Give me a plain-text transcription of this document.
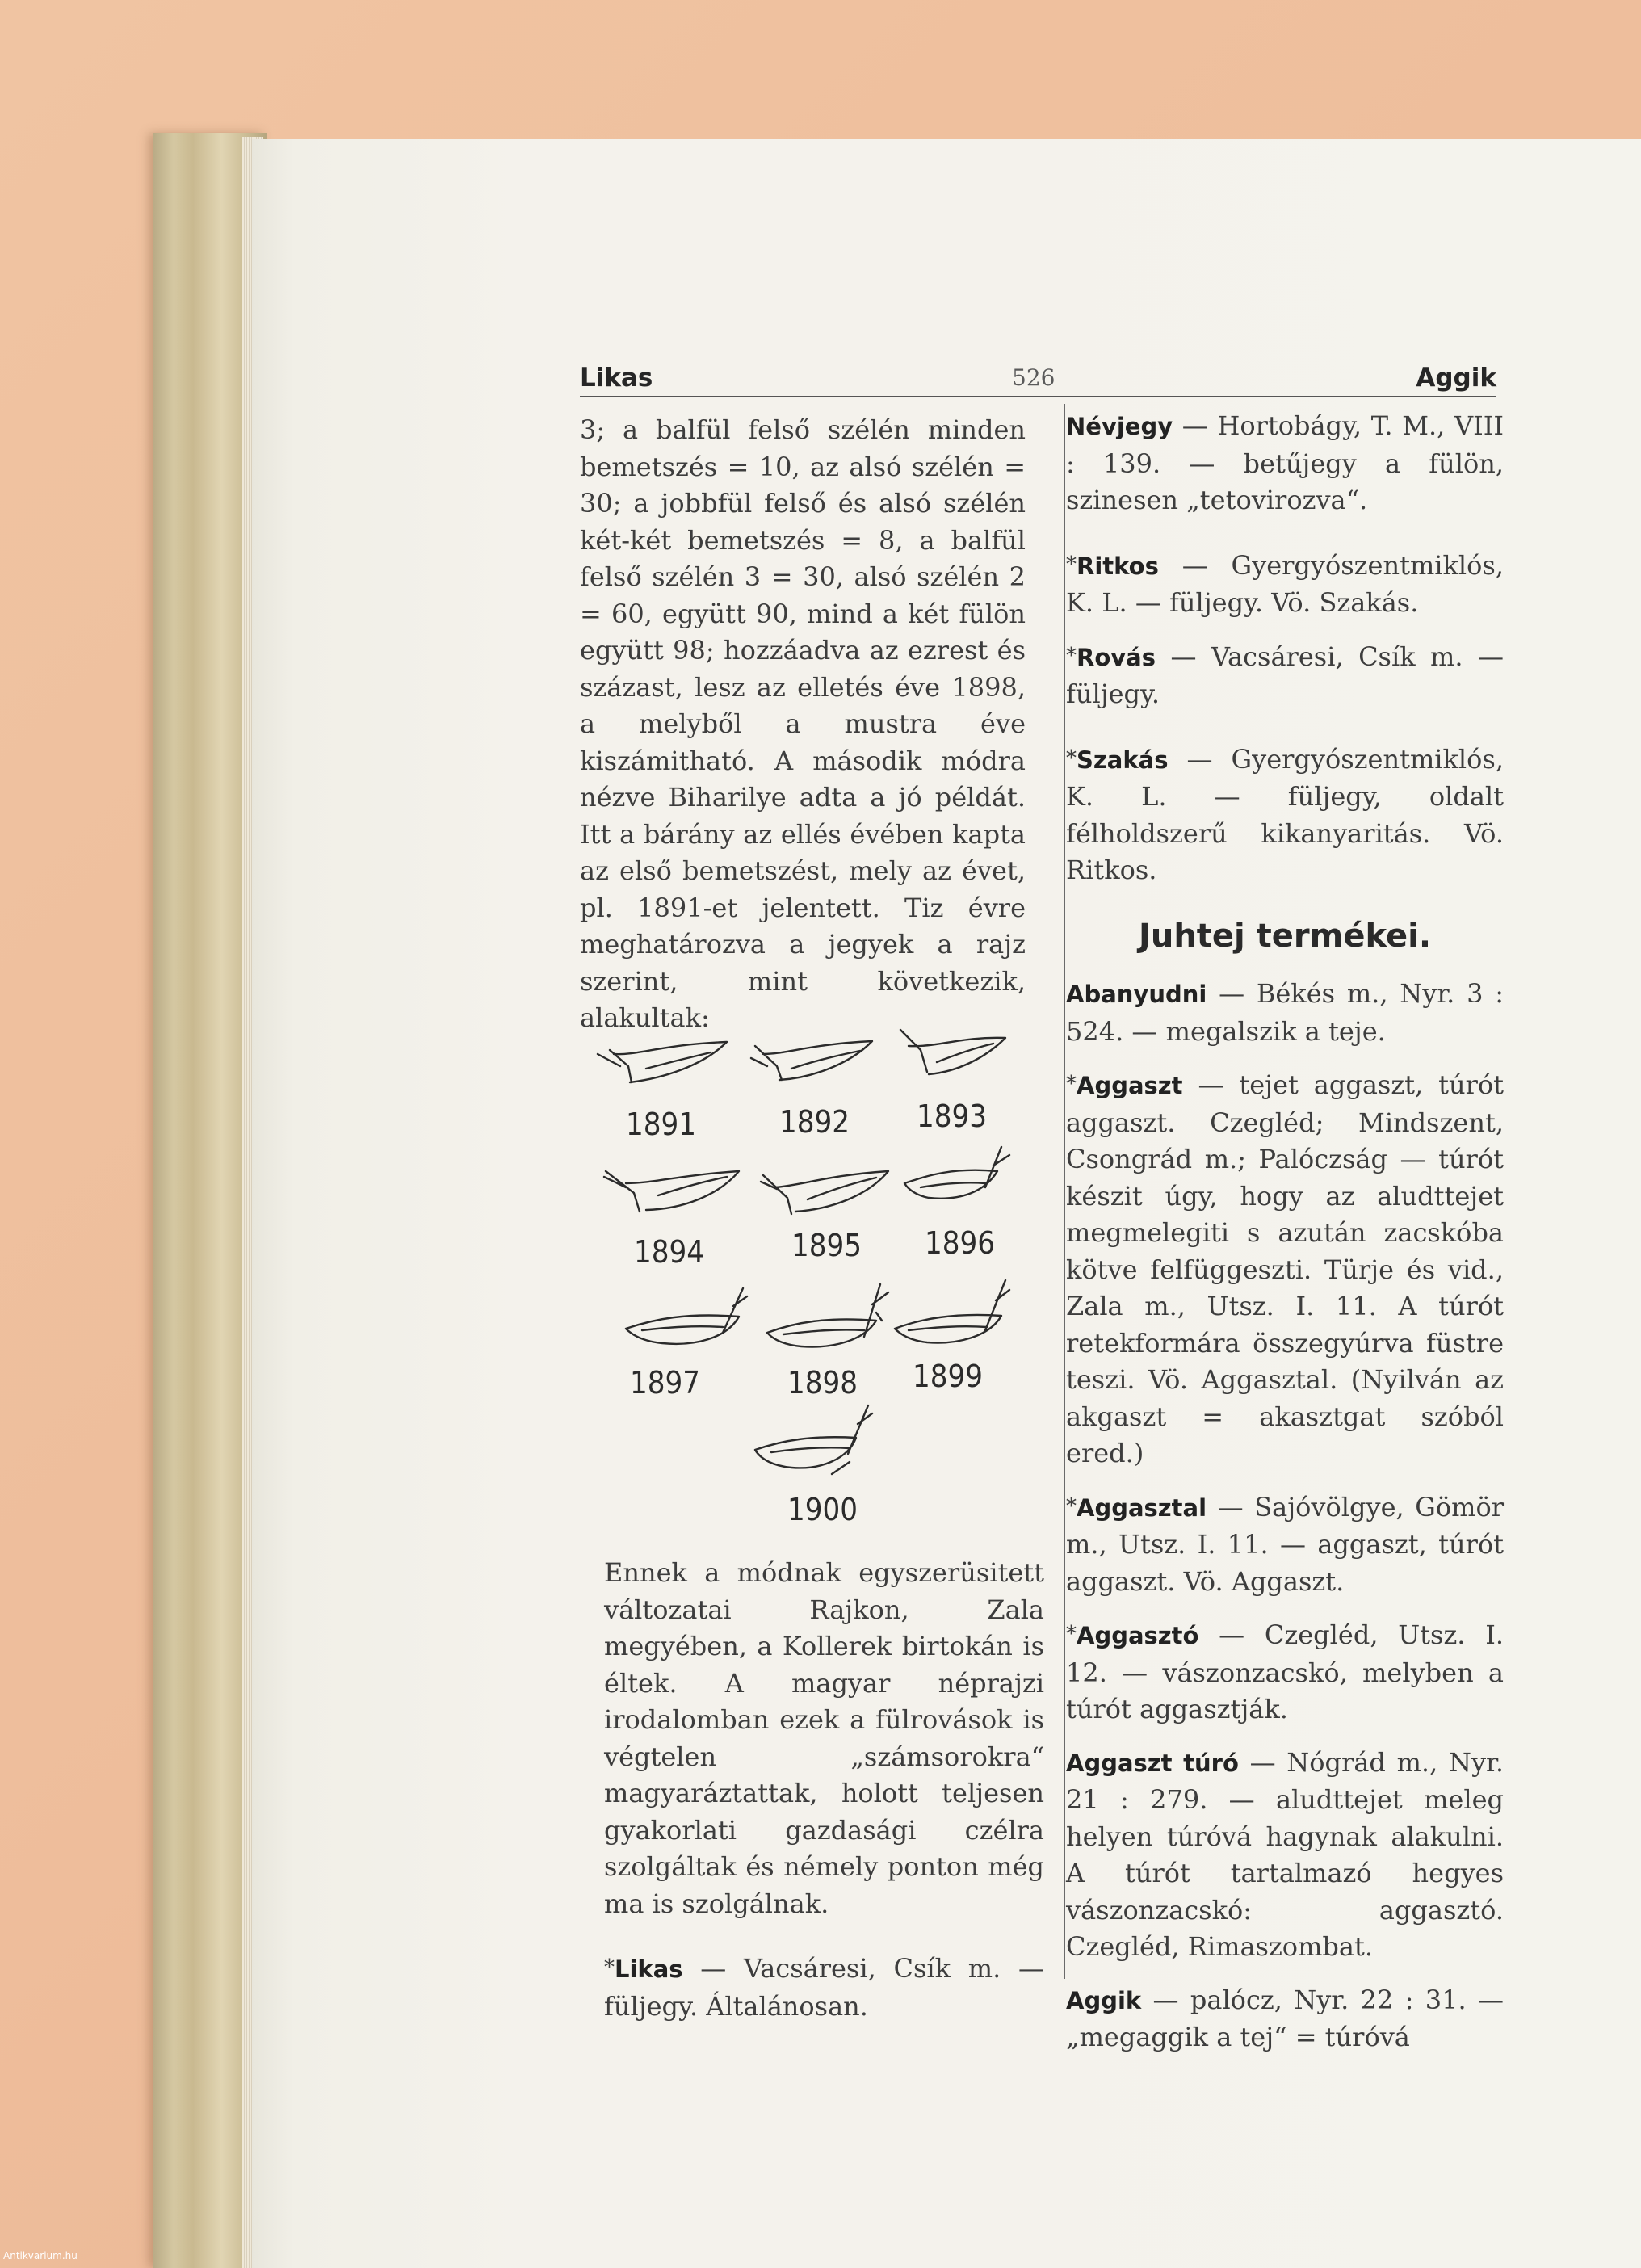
Likas	526	Aggik

3; a balfül felső szélén minden bemetszés = 10, az alsó szélén = 30; a jobbfül felső és alsó szélén két-két bemetszés = 8, a balfül felső szélén 3 = 30, alsó szélén 2 = 60, együtt 90, mind a két fülön együtt 98; hozzáadva az ezrest és százast, lesz az elletés éve 1898, a melyből a mustra éve kiszámitható. A második módra nézve Biharilye adta a jó példát. Itt a bárány az ellés évében kapta az első bemetszést, mely az évet, pl. 1891-et jelentett. Tiz évre meghatározva a jegyek a rajz szerint, mint következik, alakultak:

1891	1892 1893
1894	1895 1896
1897	1898 1899
1900

Ennek a módnak egyszerüsitett változatai Rajkon, Zala megyében, a Kollerek birtokán is éltek. A magyar néprajzi irodalomban ezek a fülrovások is végtelen „számsorokra“ magyaráztattak, holott teljesen gyakorlati gazdasági czélra szolgáltak és némely ponton még ma is szolgálnak.

*Likas — Vacsáresi, Csík m. — füljegy. Általánosan.

Névjegy — Hortobágy, T. M., VIII : 139. — betűjegy a fülön, szinesen „tetovirozva“.

*Ritkos — Gyergyószentmiklós, K. L. — füljegy. Vö. Szakás.

*Rovás — Vacsáresi, Csík m. — füljegy.

*Szakás — Gyergyószentmiklós, K. L. — füljegy, oldalt félholdszerű kikanyaritás. Vö. Ritkos.

Juhtej termékei.

Abanyudni — Békés m., Nyr. 3 : 524. — megalszik a teje.

*Aggaszt — tejet aggaszt, túrót aggaszt. Czegléd; Mindszent, Csongrád m.; Palóczság — túrót készit úgy, hogy az aludttejet megmelegiti s azután zacskóba kötve felfüggeszti. Türje és vid., Zala m., Utsz. I. 11. A túrót retekformára összegyúrva füstre teszi. Vö. Aggasztal. (Nyilván az akgaszt = akasztgat szóból ered.)

*Aggasztal — Sajóvölgye, Gömör m., Utsz. I. 11. — aggaszt, túrót aggaszt. Vö. Aggaszt.

*Aggasztó — Czegléd, Utsz. I. 12. — vászonzacskó, melyben a túrót aggasztják.

Aggaszt túró — Nógrád m., Nyr. 21 : 279. — aludttejet meleg helyen túróvá hagynak alakulni. A túrót tartalmazó hegyes vászonzacskó: aggasztó. Czegléd, Rimaszombat.

Aggik — palócz, Nyr. 22 : 31. — „megaggik a tej“ = túróvá

Antikvarium.hu
